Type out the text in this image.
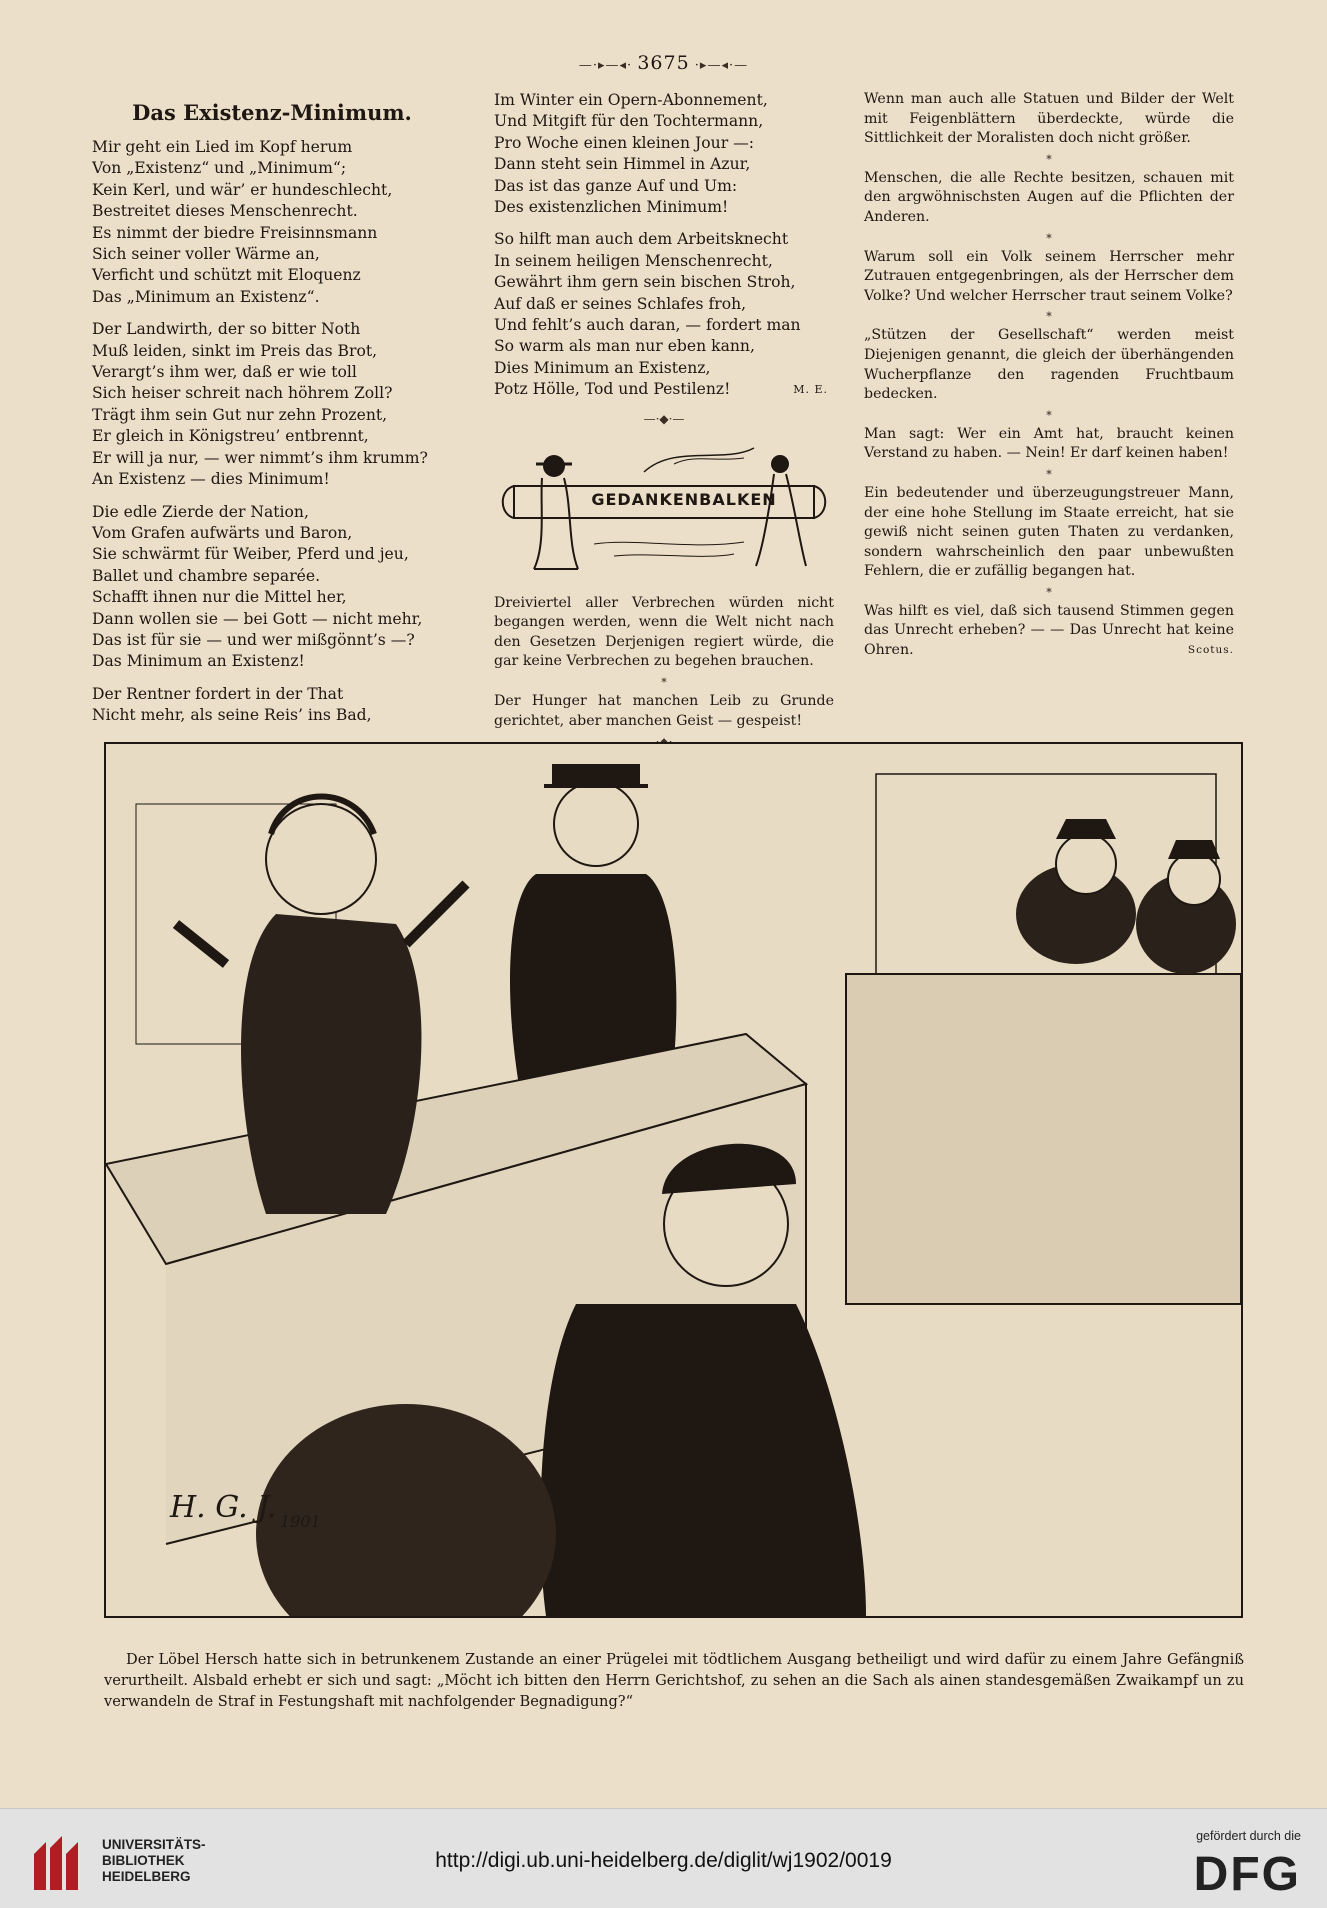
—·▸—◂· 3675 ·▸—◂·—
Das Existenz-Minimum.

Mir geht ein Lied im Kopf herum

Von „Existenz“ und „Minimum“;

Kein Kerl, und wär’ er hundeschlecht,

Bestreitet dieses Menschenrecht.

Es nimmt der biedre Freisinnsmann

Sich seiner voller Wärme an,

Verficht und schützt mit Eloquenz

Das „Minimum an Existenz“.

Der Landwirth, der so bitter Noth

Muß leiden, sinkt im Preis das Brot,

Verargt’s ihm wer, daß er wie toll

Sich heiser schreit nach höhrem Zoll?

Trägt ihm sein Gut nur zehn Prozent,

Er gleich in Königstreu’ entbrennt,

Er will ja nur, — wer nimmt’s ihm krumm?

An Existenz — dies Minimum!

Die edle Zierde der Nation,

Vom Grafen aufwärts und Baron,

Sie schwärmt für Weiber, Pferd und jeu,

Ballet und chambre separée.

Schafft ihnen nur die Mittel her,

Dann wollen sie — bei Gott — nicht mehr,

Das ist für sie — und wer mißgönnt’s —?

Das Minimum an Existenz!

Der Rentner fordert in der That

Nicht mehr, als seine Reis’ ins Bad,

Im Winter ein Opern-Abonnement,

Und Mitgift für den Tochtermann,

Pro Woche einen kleinen Jour —:

Dann steht sein Himmel in Azur,

Das ist das ganze Auf und Um:

Des existenzlichen Minimum!

So hilft man auch dem Arbeitsknecht

In seinem heiligen Menschenrecht,

Gewährt ihm gern sein bischen Stroh,

Auf daß er seines Schlafes froh,

Und fehlt’s auch daran, — fordert man

So warm als man nur eben kann,

Dies Minimum an Existenz,

Potz Hölle, Tod und Pestilenz!	M. E.

—·◆·—
GEDANKENBALKEN

Dreiviertel aller Verbrechen würden nicht begangen werden, wenn die Welt nicht nach den Gesetzen Derjenigen regiert würde, die gar keine Verbrechen zu begehen brauchen.

*

Der Hunger hat manchen Leib zu Grunde gerichtet, aber manchen Geist — gespeist!

Wenn man auch alle Statuen und Bilder der Welt mit Feigenblättern überdeckte, würde die Sittlichkeit der Moralisten doch nicht größer.

*

Menschen, die alle Rechte besitzen, schauen mit den argwöhnischsten Augen auf die Pflichten der Anderen.

*

Warum soll ein Volk seinem Herrscher mehr Zutrauen entgegenbringen, als der Herrscher dem Volke? Und welcher Herrscher traut seinem Volke?

*

„Stützen der Gesellschaft“ werden meist Diejenigen genannt, die gleich der überhängenden Wucherpflanze den ragenden Fruchtbaum bedecken.

*

Man sagt: Wer ein Amt hat, braucht keinen Verstand zu haben. — Nein! Er darf keinen haben!

*

Ein bedeutender und überzeugungstreuer Mann, der eine hohe Stellung im Staate erreicht, hat sie gewiß nicht seinen guten Thaten zu verdanken, sondern wahrscheinlich den paar unbewußten Fehlern, die er zufällig begangen hat.

*

Was hilft es viel, daß sich tausend Stimmen gegen das Unrecht erheben? — — Das Unrecht hat keine Ohren.	Scotus.

H. G. J. 1901

Der Löbel Hersch hatte sich in betrunkenem Zustande an einer Prügelei mit tödtlichem Ausgang betheiligt und wird dafür zu einem Jahre Gefängniß verurtheilt. Alsbald erhebt er sich und sagt: „Möcht ich bitten den Herrn Gerichtshof, zu sehen an die Sach als ainen standesgemäßen Zwaikampf un zu verwandeln de Straf in Festungshaft mit nachfolgender Begnadigung?“

UNIVERSITÄTS-
BIBLIOTHEK
HEIDELBERG
http://digi.ub.uni-heidelberg.de/diglit/wj1902/0019
gefördert durch die
DFG
